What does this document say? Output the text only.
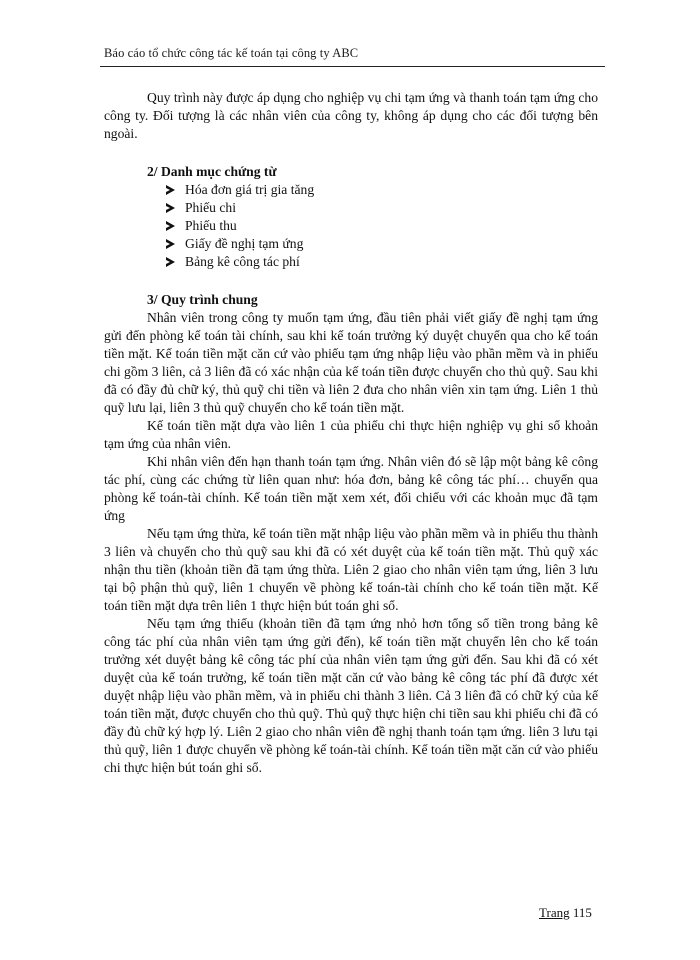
Báo cáo tổ chức công tác kế toán tại công ty ABC

Quy trình này được áp dụng cho nghiệp vụ chi tạm ứng và thanh toán tạm ứng cho công ty. Đối tượng là các nhân viên của công ty, không áp dụng cho các đối tượng bên ngoài.

2/ Danh mục chứng từ
Hóa đơn giá trị gia tăng
Phiếu chi
Phiếu thu
Giấy đề nghị tạm ứng
Bảng kê công tác phí
3/ Quy trình chung

Nhân viên trong công ty muốn tạm ứng, đầu tiên phải viết giấy đề nghị tạm ứng gửi đến phòng kế toán tài chính, sau khi kế toán trưởng ký duyệt chuyển qua cho kế toán tiền mặt. Kế toán tiền mặt căn cứ vào phiếu tạm ứng nhập liệu vào phần mềm và in phiếu chi gồm 3 liên, cả 3 liên đã có xác nhận của kế toán tiền được chuyển cho thủ quỹ. Sau khi đã có đầy đủ chữ ký, thủ quỹ chi tiền và liên 2 đưa cho nhân viên xin tạm ứng. Liên 1 thủ quỹ lưu lại, liên 3 thủ quỹ chuyển cho kế toán tiền mặt.

Kế toán tiền mặt dựa vào liên 1 của phiếu chi thực hiện nghiệp vụ ghi sổ khoản tạm ứng của nhân viên.

Khi nhân viên đến hạn thanh toán tạm ứng. Nhân viên đó sẽ lập một bảng kê công tác phí, cùng các chứng từ liên quan như: hóa đơn, bảng kê công tác phí… chuyển qua phòng kế toán-tài chính. Kế toán tiền mặt xem xét, đối chiếu với các khoản mục đã tạm ứng

Nếu tạm ứng thừa, kế toán tiền mặt nhập liệu vào phần mềm và in phiếu thu thành 3 liên và chuyển cho thủ quỹ sau khi đã có xét duyệt của kế toán tiền mặt. Thủ quỹ xác nhận thu tiền (khoản tiền đã tạm ứng thừa. Liên 2 giao cho nhân viên tạm ứng, liên 3 lưu tại bộ phận thủ quỹ, liên 1 chuyển về phòng kế toán-tài chính cho kế toán tiền mặt. Kế toán tiền mặt dựa trên liên 1 thực hiện bút toán ghi sổ.

Nếu tạm ứng thiếu (khoản tiền đã tạm ứng nhỏ hơn tổng số tiền trong bảng kê công tác phí của nhân viên tạm ứng gửi đến), kế toán tiền mặt chuyển lên cho kế toán trưởng xét duyệt bảng kê công tác phí của nhân viên tạm ứng gửi đến. Sau khi đã có xét duyệt của kế toán trưởng, kế toán tiền mặt căn cứ vào bảng kê công tác phí đã được xét duyệt nhập liệu vào phần mềm, và in phiếu chi thành 3 liên. Cả 3 liên đã có chữ ký của kế toán tiền mặt, được chuyển cho thủ quỹ. Thủ quỹ thực hiện chi tiền sau khi phiếu chi đã có đầy đủ chữ ký hợp lý. Liên 2 giao cho nhân viên đề nghị thanh toán tạm ứng. liên 3 lưu tại thủ quỹ, liên 1 được chuyển về phòng kế toán-tài chính. Kế toán tiền mặt căn cứ vào phiếu chi thực hiện bút toán ghi sổ.

Trang 115
